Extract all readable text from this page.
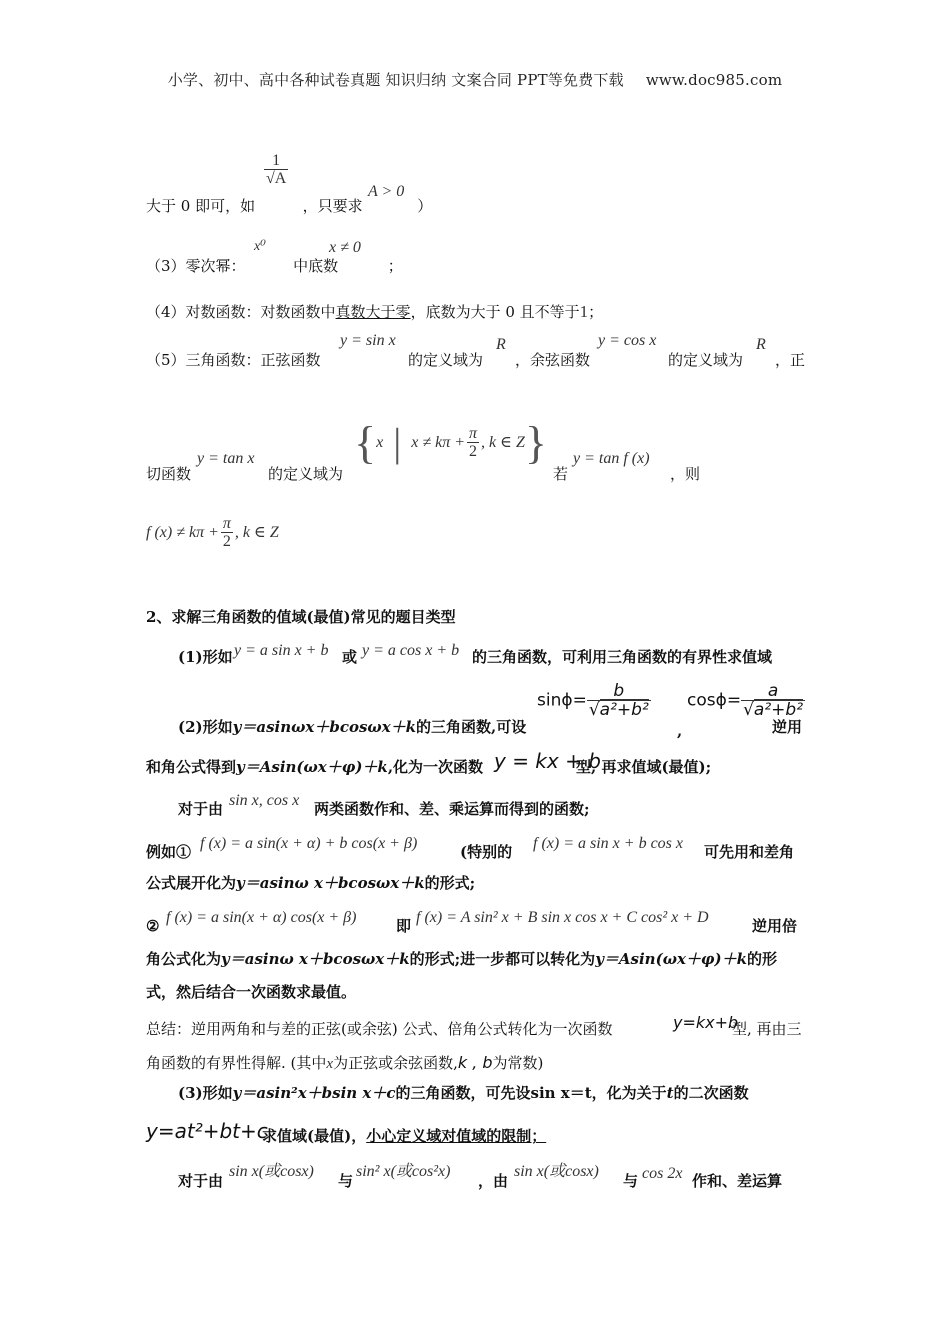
小学、初中、高中各种试卷真题 知识归纳 文案合同 PPT等免费下载 www.doc985.com
$\frac{1}{√A}$
大于 0 即可，如	，只要求	）
A > 0
x⁰	x ≠ 0
（3）零次幂：	中底数	；
（4）对数函数：对数函数中真数大于零，底数为大于 0 且不等于1；
y = sin x	R	y = cos x	R
（5）三角函数：正弦函数	的定义域为 ，余弦函数	的定义域为 ，正
{x | $x \ne k\pi + \frac{\pi}{2}$ , k ∈ Z}
y = tan x	y = tan f (x)
切函数	的定义域为	若	，则
f $(x) \ne k\pi + \frac{\pi}{2}$ , k ∈ Z
2、求解三角函数的值域(最值)常见的题目类型
(1)形如 y = a sin x + b 或 y = a cos x + b 的三角函数，可利用三角函数的有界性求值域
$\sin\phi= \frac{b}{\text{√a²+b²}} \cos\phi= \frac{a}{\text{√a²+b²}}$
(2)形如y＝asinωx＋bcosωx＋k的三角函数,可设	,	逆用
和角公式得到y＝Asin(ωx＋φ)＋k,化为一次函数 y = kx + b
型, 再求值域(最值);
对于由 sin x, cos x 两类函数作和、差、乘运算而得到的函数;
例如① f (x) = a sin(x + α) + b cos(x + β)	(特别的 f (x) = a sin x + b cos x 可先用和差角
公式展开化为y＝asinω x＋bcosωx＋k的形式;
② f (x) = a sin(x + α) cos(x + β)	即 f (x) = A sin² x + B sin x cos x + C cos² x + D	逆用倍
角公式化为y＝asinω x＋bcosωx＋k的形式;进一步都可以转化为y＝Asin(ωx＋φ)＋k的形
式，然后结合一次函数求最值。
总结：逆用两角和与差的正弦(或余弦) 公式、倍角公式转化为一次函数	y=kx+b
型, 再由三
角函数的有界性得解. (其中x为正弦或余弦函数,k , b为常数)
(3)形如y＝asin²x＋bsin x＋c的三角函数，可先设sin x＝t，化为关于t的二次函数
y=at²+bt+c
求值域(最值)，小心定义域对值域的限制；
对于由
sin x(或cosx)
与
sin² x(或cos²x)
，由
sin x(或cosx)
与 cos 2x 作和、差运算
